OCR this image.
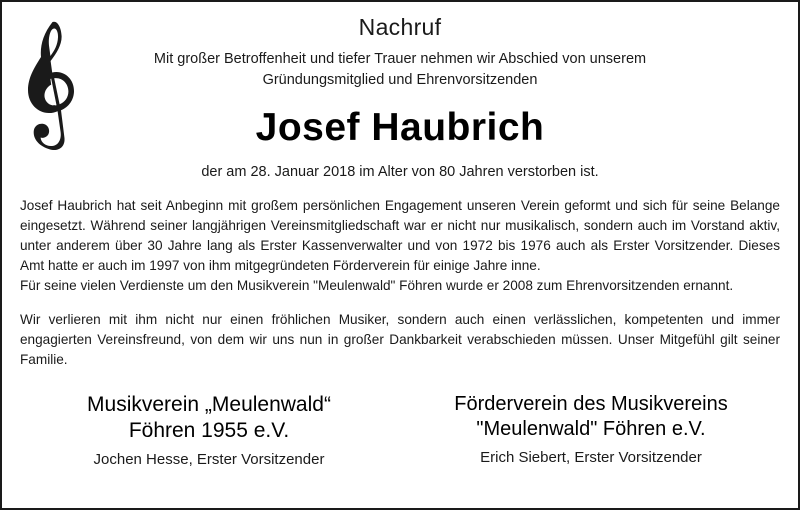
Nachruf
Mit großer Betroffenheit und tiefer Trauer nehmen wir Abschied von unserem
Gründungsmitglied und Ehrenvorsitzenden
Josef Haubrich
der am 28. Januar 2018 im Alter von 80 Jahren verstorben ist.

Josef Haubrich hat seit Anbeginn mit großem persönlichen Engagement unseren Verein geformt und sich für seine Belange eingesetzt. Während seiner langjährigen Vereinsmitgliedschaft war er nicht nur musikalisch, sondern auch im Vorstand aktiv, unter anderem über 30 Jahre lang als Erster Kassenverwalter und von 1972 bis 1976 auch als Erster Vorsitzender. Dieses Amt hatte er auch im 1997 von ihm mitgegründeten Förderverein für einige Jahre inne.

Für seine vielen Verdienste um den Musikverein "Meulenwald" Föhren wurde er 2008 zum Ehrenvorsitzenden ernannt.

Wir verlieren mit ihm nicht nur einen fröhlichen Musiker, sondern auch einen verlässlichen, kompetenten und immer engagierten Vereinsfreund, von dem wir uns nun in großer Dankbarkeit verabschieden müssen. Unser Mitgefühl gilt seiner Familie.

Musikverein „Meulenwald“
Föhren 1955 e.V.
Jochen Hesse, Erster Vorsitzender
Förderverein des Musikvereins
"Meulenwald" Föhren e.V.
Erich Siebert, Erster Vorsitzender
